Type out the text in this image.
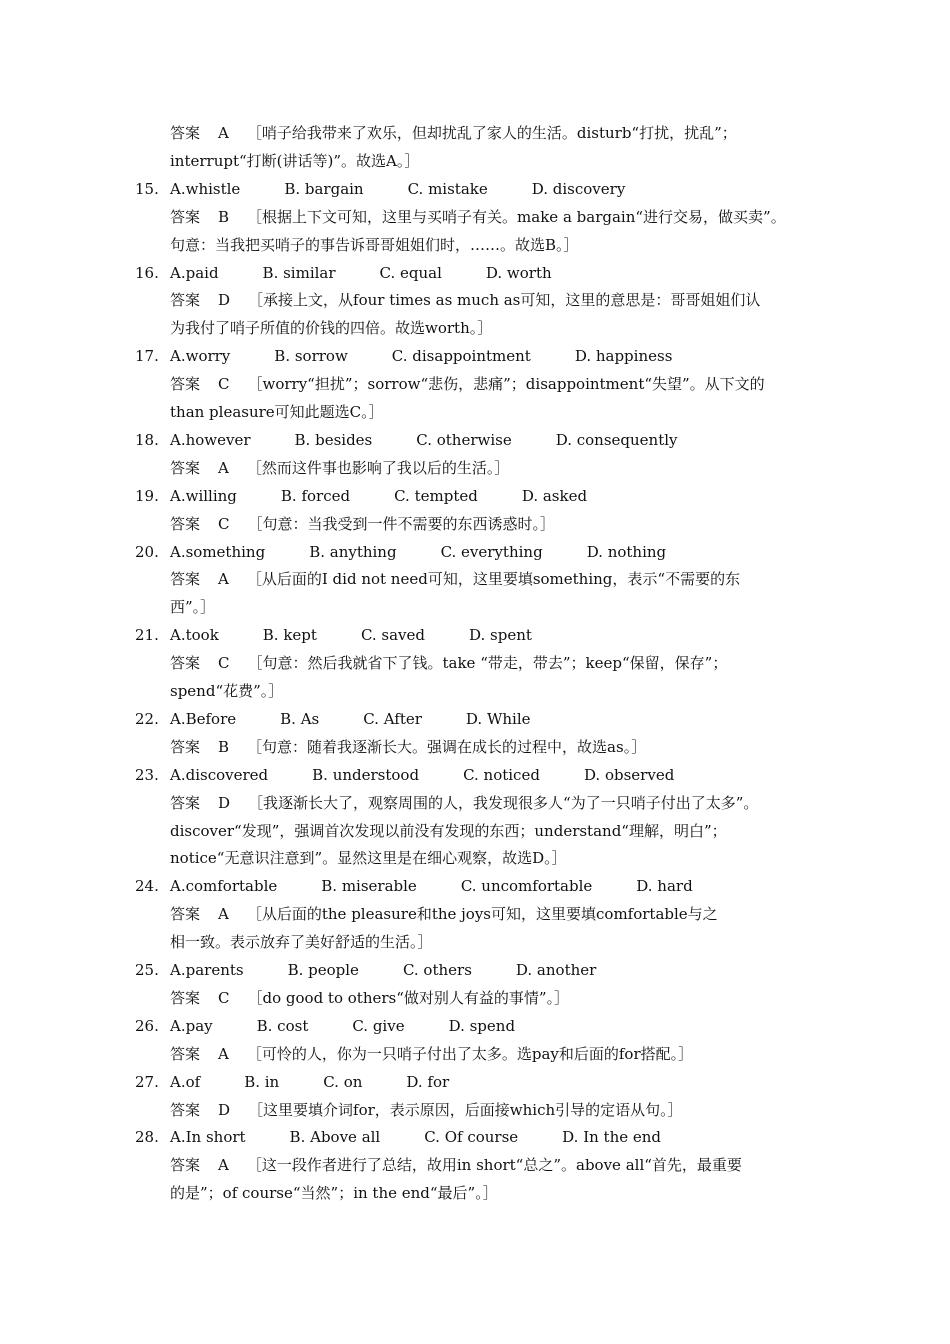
答案 A ［哨子给我带来了欢乐，但却扰乱了家人的生活。disturb“打扰，扰乱”；
interrupt“打断(讲话等)”。故选A。］
15. A.whistle	B. bargain	C. mistake	D. discovery
答案 B ［根据上下文可知，这里与买哨子有关。make a bargain“进行交易，做买卖”。
句意：当我把买哨子的事告诉哥哥姐姐们时，……。故选B。］
16. A.paid	B. similar	C. equal	D. worth
答案 D ［承接上文，从four times as much as可知，这里的意思是：哥哥姐姐们认
为我付了哨子所值的价钱的四倍。故选worth。］
17. A.worry	B. sorrow	C. disappointment	D. happiness
答案 C ［worry“担扰”；sorrow“悲伤，悲痛”；disappointment“失望”。从下文的
than pleasure可知此题选C。］
18. A.however	B. besides	C. otherwise	D. consequently
答案 A ［然而这件事也影响了我以后的生活。］
19. A.willing	B. forced	C. tempted	D. asked
答案 C ［句意：当我受到一件不需要的东西诱惑时。］
20. A.something	B. anything	C. everything	D. nothing
答案 A ［从后面的I did not need可知，这里要填something，表示“不需要的东
西”。］
21. A.took	B. kept	C. saved	D. spent
答案 C ［句意：然后我就省下了钱。take “带走，带去”；keep“保留，保存”；
spend“花费”。］
22. A.Before	B. As	C. After	D. While
答案 B ［句意：随着我逐渐长大。强调在成长的过程中，故选as。］
23. A.discovered	B. understood	C. noticed	D. observed
答案 D ［我逐渐长大了，观察周围的人，我发现很多人“为了一只哨子付出了太多”。
discover“发现”，强调首次发现以前没有发现的东西；understand“理解，明白”；
notice“无意识注意到”。显然这里是在细心观察，故选D。］
24. A.comfortable	B. miserable	C. uncomfortable	D. hard
答案 A ［从后面的the pleasure和the joys可知，这里要填comfortable与之
相一致。表示放弃了美好舒适的生活。］
25. A.parents	B. people	C. others	D. another
答案 C ［do good to others“做对别人有益的事情”。］
26. A.pay	B. cost	C. give	D. spend
答案 A ［可怜的人，你为一只哨子付出了太多。选pay和后面的for搭配。］
27. A.of	B. in	C. on	D. for
答案 D ［这里要填介词for，表示原因，后面接which引导的定语从句。］
28. A.In short	B. Above all	C. Of course	D. In the end
答案 A ［这一段作者进行了总结，故用in short“总之”。above all“首先，最重要
的是”；of course“当然”；in the end“最后”。］
